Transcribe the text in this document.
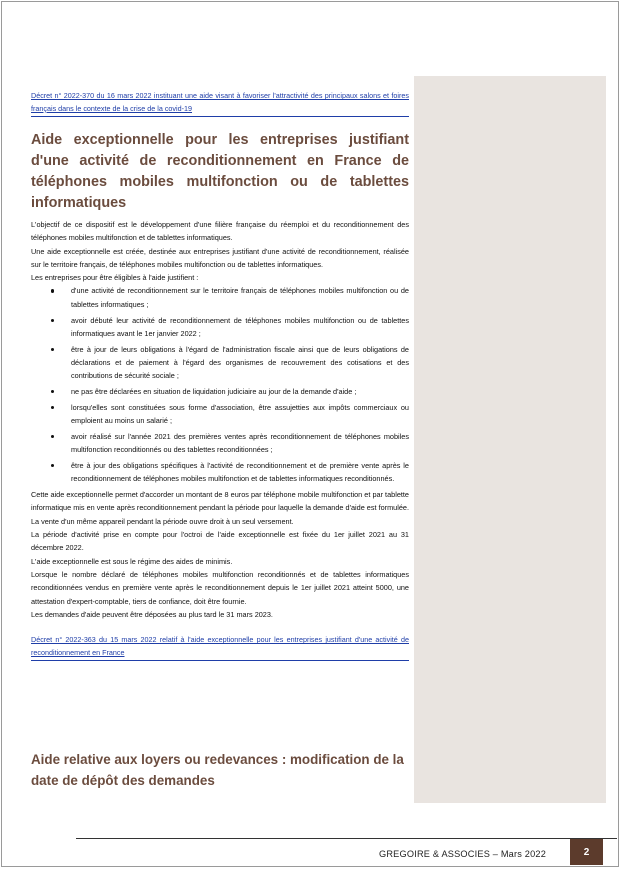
Décret n° 2022-370 du 16 mars 2022 instituant une aide visant à favoriser l'attractivité des principaux salons et foires français dans le contexte de la crise de la covid-19
Aide exceptionnelle pour les entreprises justifiant d'une activité de reconditionnement en France de téléphones mobiles multifonction ou de tablettes informatiques

L'objectif de ce dispositif est le développement d'une filière française du réemploi et du reconditionnement des téléphones mobiles multifonction et de tablettes informatiques.

Une aide exceptionnelle est créée, destinée aux entreprises justifiant d'une activité de reconditionnement, réalisée sur le territoire français, de téléphones mobiles multifonction ou de tablettes informatiques.

Les entreprises pour être éligibles à l'aide justifient :

d'une activité de reconditionnement sur le territoire français de téléphones mobiles multifonction ou de tablettes informatiques ;
avoir débuté leur activité de reconditionnement de téléphones mobiles multifonction ou de tablettes informatiques avant le 1er janvier 2022 ;
être à jour de leurs obligations à l'égard de l'administration fiscale ainsi que de leurs obligations de déclarations et de paiement à l'égard des organismes de recouvrement des cotisations et des contributions de sécurité sociale ;
ne pas être déclarées en situation de liquidation judiciaire au jour de la demande d'aide ;
lorsqu'elles sont constituées sous forme d'association, être assujetties aux impôts commerciaux ou emploient au moins un salarié ;
avoir réalisé sur l'année 2021 des premières ventes après reconditionnement de téléphones mobiles multifonction reconditionnés ou des tablettes reconditionnées ;
être à jour des obligations spécifiques à l'activité de reconditionnement et de première vente après le reconditionnement de téléphones mobiles multifonction et de tablettes informatiques reconditionnés.

Cette aide exceptionnelle permet d'accorder un montant de 8 euros par téléphone mobile multifonction et par tablette informatique mis en vente après reconditionnement pendant la période pour laquelle la demande d'aide est formulée. La vente d'un même appareil pendant la période ouvre droit à un seul versement.

La période d'activité prise en compte pour l'octroi de l'aide exceptionnelle est fixée du 1er juillet 2021 au 31 décembre 2022.

L'aide exceptionnelle est sous le régime des aides de minimis.

Lorsque le nombre déclaré de téléphones mobiles multifonction reconditionnés et de tablettes informatiques reconditionnées vendus en première vente après le reconditionnement depuis le 1er juillet 2021 atteint 5000, une attestation d'expert-comptable, tiers de confiance, doit être fournie.

Les demandes d'aide peuvent être déposées au plus tard le 31 mars 2023.

Décret n° 2022-363 du 15 mars 2022 relatif à l'aide exceptionnelle pour les entreprises justifiant d'une activité de reconditionnement en France
Aide relative aux loyers ou redevances : modification de la date de dépôt des demandes
GREGOIRE & ASSOCIES – Mars 2022	2
